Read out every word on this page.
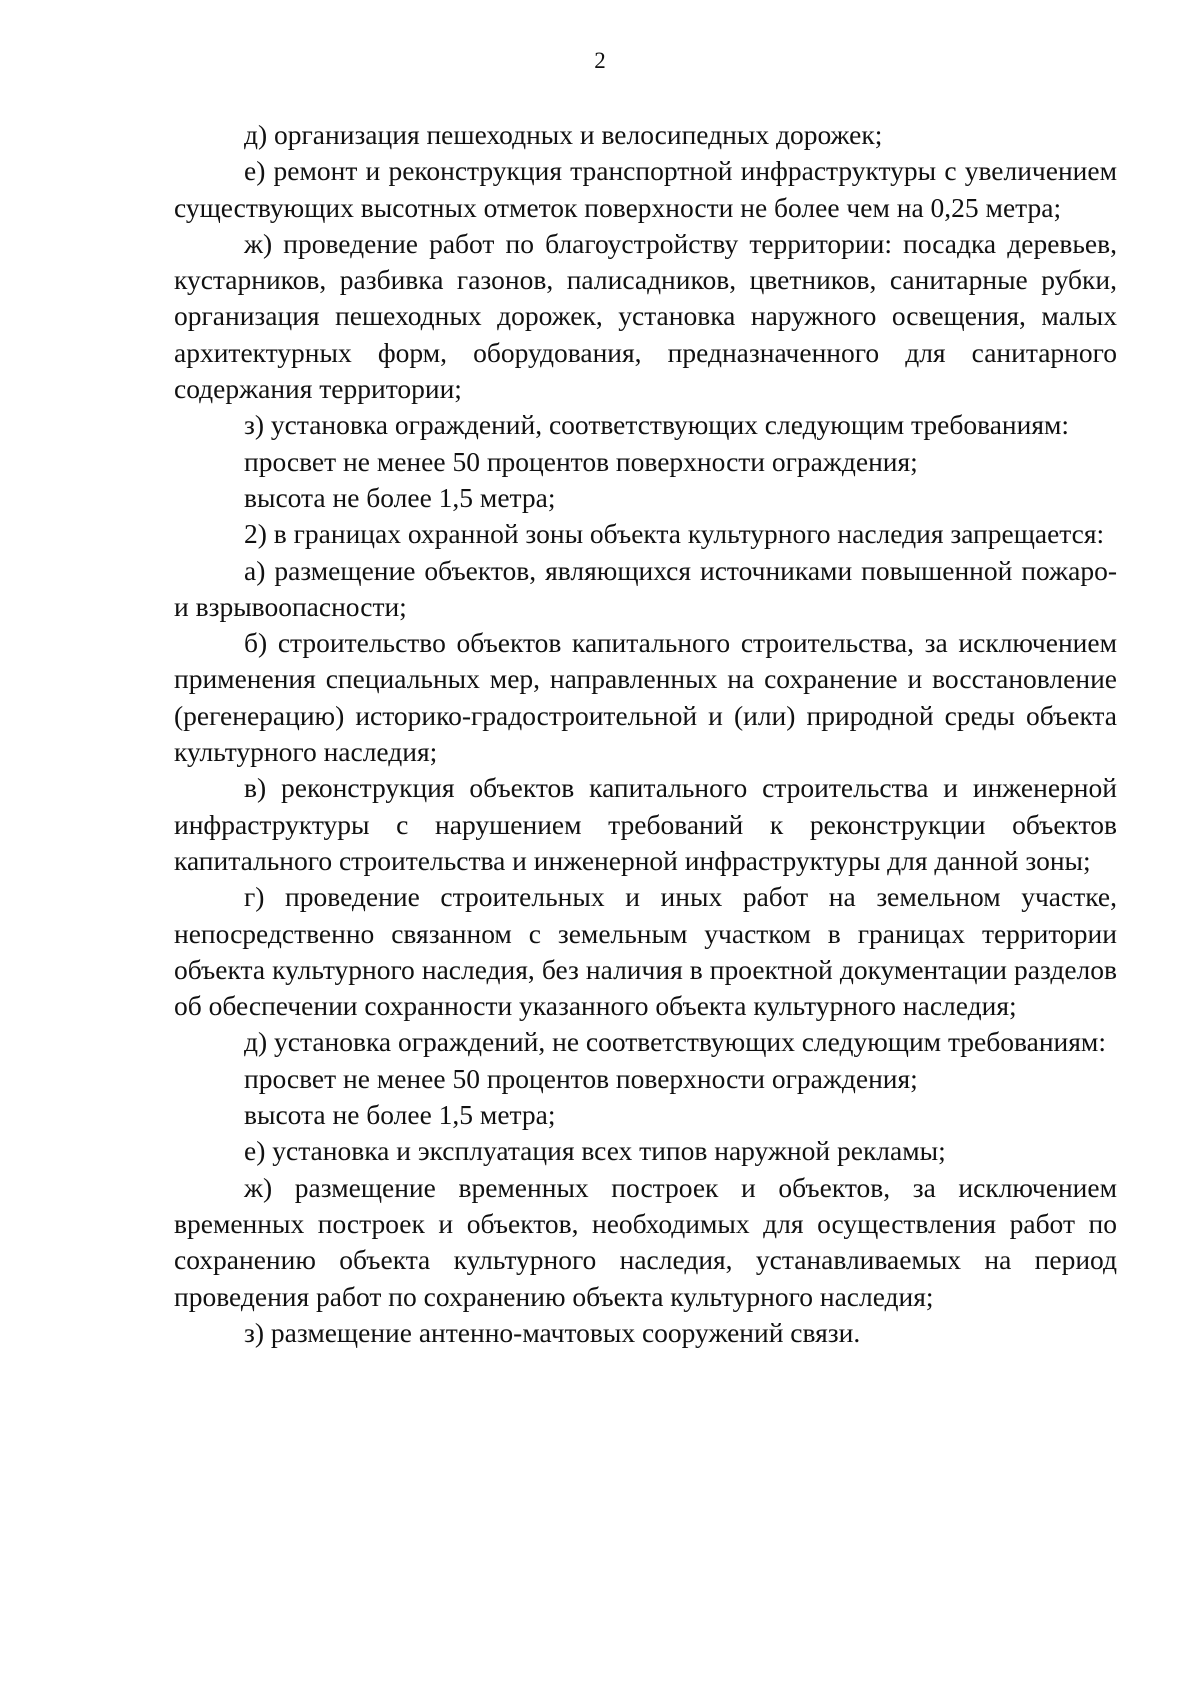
2

д) организация пешеходных и велосипедных дорожек;

е) ремонт и реконструкция транспортной инфраструктуры с увеличением существующих высотных отметок поверхности не более чем на 0,25 метра;

ж) проведение работ по благоустройству территории: посадка деревьев, кустарников, разбивка газонов, палисадников, цветников, санитарные рубки, организация пешеходных дорожек, установка наружного освещения, малых архитектурных форм, оборудования, предназначенного для санитарного содержания территории;

з) установка ограждений, соответствующих следующим требованиям:

просвет не менее 50 процентов поверхности ограждения;

высота не более 1,5 метра;

2) в границах охранной зоны объекта культурного наследия запрещается:

а) размещение объектов, являющихся источниками повышенной пожаро- и взрывоопасности;

б) строительство объектов капитального строительства, за исключением применения специальных мер, направленных на сохранение и восстановление (регенерацию) историко-градостроительной и (или) природной среды объекта культурного наследия;

в) реконструкция объектов капитального строительства и инженерной инфраструктуры с нарушением требований к реконструкции объектов капитального строительства и инженерной инфраструктуры для данной зоны;

г) проведение строительных и иных работ на земельном участке, непосредственно связанном с земельным участком в границах территории объекта культурного наследия, без наличия в проектной документации разделов об обеспечении сохранности указанного объекта культурного наследия;

д) установка ограждений, не соответствующих следующим требованиям:

просвет не менее 50 процентов поверхности ограждения;

высота не более 1,5 метра;

е) установка и эксплуатация всех типов наружной рекламы;

ж) размещение временных построек и объектов, за исключением временных построек и объектов, необходимых для осуществления работ по сохранению объекта культурного наследия, устанавливаемых на период проведения работ по сохранению объекта культурного наследия;

з) размещение антенно-мачтовых сооружений связи.
